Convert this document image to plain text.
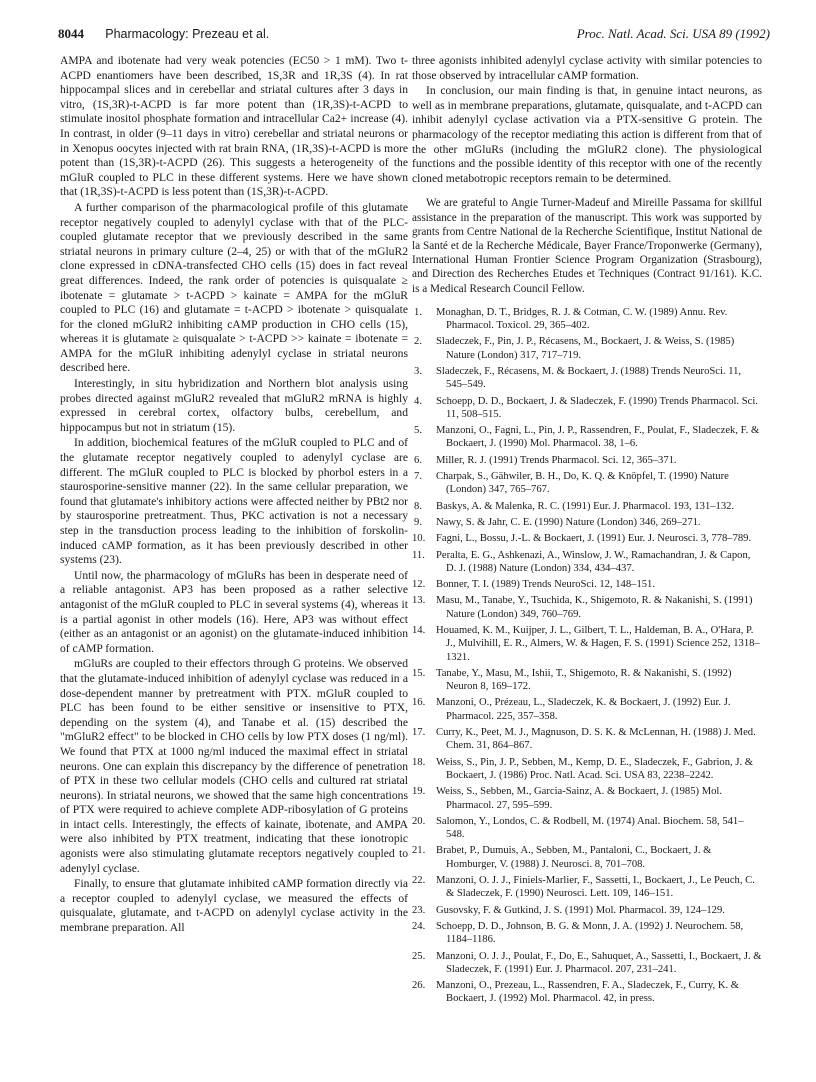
8044 Pharmacology: Prezeau et al.	Proc. Natl. Acad. Sci. USA 89 (1992)

AMPA and ibotenate had very weak potencies (EC50 > 1 mM). Two t-ACPD enantiomers have been described, 1S,3R and 1R,3S (4). In rat hippocampal slices and in cerebellar and striatal cultures after 3 days in vitro, (1S,3R)-t-ACPD is far more potent than (1R,3S)-t-ACPD to stimulate inositol phosphate formation and intracellular Ca2+ increase (4). In contrast, in older (9–11 days in vitro) cerebellar and striatal neurons or in Xenopus oocytes injected with rat brain RNA, (1R,3S)-t-ACPD is more potent than (1S,3R)-t-ACPD (26). This suggests a heterogeneity of the mGluR coupled to PLC in these different systems. Here we have shown that (1R,3S)-t-ACPD is less potent than (1S,3R)-t-ACPD.

A further comparison of the pharmacological profile of this glutamate receptor negatively coupled to adenylyl cyclase with that of the PLC-coupled glutamate receptor that we previously described in the same striatal neurons in primary culture (2–4, 25) or with that of the mGluR2 clone expressed in cDNA-transfected CHO cells (15) does in fact reveal great differences. Indeed, the rank order of potencies is quisqualate ≥ ibotenate = glutamate > t-ACPD > kainate = AMPA for the mGluR coupled to PLC (16) and glutamate = t-ACPD > ibotenate > quisqualate for the cloned mGluR2 inhibiting cAMP production in CHO cells (15), whereas it is glutamate ≥ quisqualate > t-ACPD >> kainate = ibotenate = AMPA for the mGluR inhibiting adenylyl cyclase in striatal neurons described here.

Interestingly, in situ hybridization and Northern blot analysis using probes directed against mGluR2 revealed that mGluR2 mRNA is highly expressed in cerebral cortex, olfactory bulbs, cerebellum, and hippocampus but not in striatum (15).

In addition, biochemical features of the mGluR coupled to PLC and of the glutamate receptor negatively coupled to adenylyl cyclase are different. The mGluR coupled to PLC is blocked by phorbol esters in a staurosporine-sensitive manner (22). In the same cellular preparation, we found that glutamate's inhibitory actions were affected neither by PBt2 nor by staurosporine pretreatment. Thus, PKC activation is not a necessary step in the transduction process leading to the inhibition of forskolin-induced cAMP formation, as it has been previously described in other systems (23).

Until now, the pharmacology of mGluRs has been in desperate need of a reliable antagonist. AP3 has been proposed as a rather selective antagonist of the mGluR coupled to PLC in several systems (4), whereas it is a partial agonist in other models (16). Here, AP3 was without effect (either as an antagonist or an agonist) on the glutamate-induced inhibition of cAMP formation.

mGluRs are coupled to their effectors through G proteins. We observed that the glutamate-induced inhibition of adenylyl cyclase was reduced in a dose-dependent manner by pretreatment with PTX. mGluR coupled to PLC has been found to be either sensitive or insensitive to PTX, depending on the system (4), and Tanabe et al. (15) described the "mGluR2 effect" to be blocked in CHO cells by low PTX doses (1 ng/ml). We found that PTX at 1000 ng/ml induced the maximal effect in striatal neurons. One can explain this discrepancy by the difference of penetration of PTX in these two cellular models (CHO cells and cultured rat striatal neurons). In striatal neurons, we showed that the same high concentrations of PTX were required to achieve complete ADP-ribosylation of G proteins in intact cells. Interestingly, the effects of kainate, ibotenate, and AMPA were also inhibited by PTX treatment, indicating that these ionotropic agonists were also stimulating glutamate receptors negatively coupled to adenylyl cyclase.

Finally, to ensure that glutamate inhibited cAMP formation directly via a receptor coupled to adenylyl cyclase, we measured the effects of quisqualate, glutamate, and t-ACPD on adenylyl cyclase activity in the membrane preparation. All

three agonists inhibited adenylyl cyclase activity with similar potencies to those observed by intracellular cAMP formation.

In conclusion, our main finding is that, in genuine intact neurons, as well as in membrane preparations, glutamate, quisqualate, and t-ACPD can inhibit adenylyl cyclase activation via a PTX-sensitive G protein. The pharmacology of the receptor mediating this action is different from that of the other mGluRs (including the mGluR2 clone). The physiological functions and the possible identity of this receptor with one of the recently cloned metabotropic receptors remain to be determined.

We are grateful to Angie Turner-Madeuf and Mireille Passama for skillful assistance in the preparation of the manuscript. This work was supported by grants from Centre National de la Recherche Scientifique, Institut National de la Santé et de la Recherche Médicale, Bayer France/Troponwerke (Germany), International Human Frontier Science Program Organization (Strasbourg), and Direction des Recherches Etudes et Techniques (Contract 91/161). K.C. is a Medical Research Council Fellow.

1. Monaghan, D. T., Bridges, R. J. & Cotman, C. W. (1989) Annu. Rev. Pharmacol. Toxicol. 29, 365–402.
2. Sladeczek, F., Pin, J. P., Récasens, M., Bockaert, J. & Weiss, S. (1985) Nature (London) 317, 717–719.
3. Sladeczek, F., Récasens, M. & Bockaert, J. (1988) Trends NeuroSci. 11, 545–549.
4. Schoepp, D. D., Bockaert, J. & Sladeczek, F. (1990) Trends Pharmacol. Sci. 11, 508–515.
5. Manzoni, O., Fagni, L., Pin, J. P., Rassendren, F., Poulat, F., Sladeczek, F. & Bockaert, J. (1990) Mol. Pharmacol. 38, 1–6.
6. Miller, R. J. (1991) Trends Pharmacol. Sci. 12, 365–371.
7. Charpak, S., Gähwiler, B. H., Do, K. Q. & Knöpfel, T. (1990) Nature (London) 347, 765–767.
8. Baskys, A. & Malenka, R. C. (1991) Eur. J. Pharmacol. 193, 131–132.
9. Nawy, S. & Jahr, C. E. (1990) Nature (London) 346, 269–271.
10. Fagni, L., Bossu, J.-L. & Bockaert, J. (1991) Eur. J. Neurosci. 3, 778–789.
11. Peralta, E. G., Ashkenazi, A., Winslow, J. W., Ramachandran, J. & Capon, D. J. (1988) Nature (London) 334, 434–437.
12. Bonner, T. I. (1989) Trends NeuroSci. 12, 148–151.
13. Masu, M., Tanabe, Y., Tsuchida, K., Shigemoto, R. & Nakanishi, S. (1991) Nature (London) 349, 760–769.
14. Houamed, K. M., Kuijper, J. L., Gilbert, T. L., Haldeman, B. A., O'Hara, P. J., Mulvihill, E. R., Almers, W. & Hagen, F. S. (1991) Science 252, 1318–1321.
15. Tanabe, Y., Masu, M., Ishii, T., Shigemoto, R. & Nakanishi, S. (1992) Neuron 8, 169–172.
16. Manzoni, O., Prézeau, L., Sladeczek, K. & Bockaert, J. (1992) Eur. J. Pharmacol. 225, 357–358.
17. Curry, K., Peet, M. J., Magnuson, D. S. K. & McLennan, H. (1988) J. Med. Chem. 31, 864–867.
18. Weiss, S., Pin, J. P., Sebben, M., Kemp, D. E., Sladeczek, F., Gabrion, J. & Bockaert, J. (1986) Proc. Natl. Acad. Sci. USA 83, 2238–2242.
19. Weiss, S., Sebben, M., Garcia-Sainz, A. & Bockaert, J. (1985) Mol. Pharmacol. 27, 595–599.
20. Salomon, Y., Londos, C. & Rodbell, M. (1974) Anal. Biochem. 58, 541–548.
21. Brabet, P., Dumuis, A., Sebben, M., Pantaloni, C., Bockaert, J. & Homburger, V. (1988) J. Neurosci. 8, 701–708.
22. Manzoni, O. J. J., Finiels-Marlier, F., Sassetti, I., Bockaert, J., Le Peuch, C. & Sladeczek, F. (1990) Neurosci. Lett. 109, 146–151.
23. Gusovsky, F. & Gutkind, J. S. (1991) Mol. Pharmacol. 39, 124–129.
24. Schoepp, D. D., Johnson, B. G. & Monn, J. A. (1992) J. Neurochem. 58, 1184–1186.
25. Manzoni, O. J. J., Poulat, F., Do, E., Sahuquet, A., Sassetti, I., Bockaert, J. & Sladeczek, F. (1991) Eur. J. Pharmacol. 207, 231–241.
26. Manzoni, O., Prezeau, L., Rassendren, F. A., Sladeczek, F., Curry, K. & Bockaert, J. (1992) Mol. Pharmacol. 42, in press.
